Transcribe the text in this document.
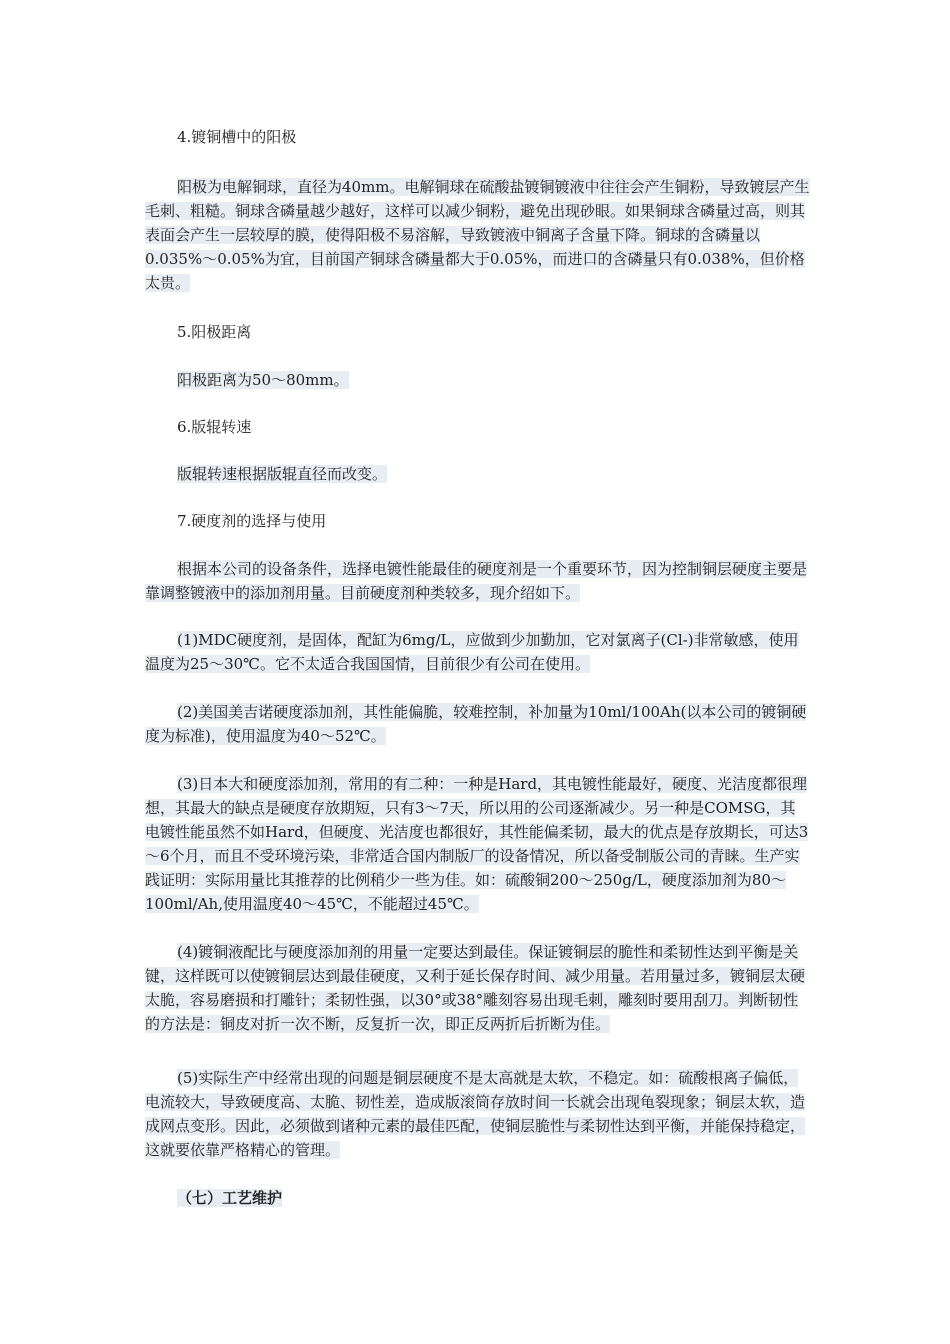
4.镀铜槽中的阳极

阳极为电解铜球，直径为40mm。电解铜球在硫酸盐镀铜镀液中往往会产生铜粉，导致镀层产生毛刺、粗糙。铜球含磷量越少越好，这样可以减少铜粉，避免出现砂眼。如果铜球含磷量过高，则其表面会产生一层较厚的膜，使得阳极不易溶解，导致镀液中铜离子含量下降。铜球的含磷量以0.035%～0.05%为宜，目前国产铜球含磷量都大于0.05%，而进口的含磷量只有0.038%，但价格太贵。

5.阳极距离

阳极距离为50～80mm。

6.版辊转速

版辊转速根据版辊直径而改变。

7.硬度剂的选择与使用

根据本公司的设备条件，选择电镀性能最佳的硬度剂是一个重要环节，因为控制铜层硬度主要是靠调整镀液中的添加剂用量。目前硬度剂种类较多，现介绍如下。

(1)MDC硬度剂，是固体，配缸为6mg/L，应做到少加勤加，它对氯离子(Cl-)非常敏感，使用温度为25～30℃。它不太适合我国国情，目前很少有公司在使用。

(2)美国美吉诺硬度添加剂，其性能偏脆，较难控制，补加量为10ml/100Ah(以本公司的镀铜硬度为标准)，使用温度为40～52℃。

(3)日本大和硬度添加剂，常用的有二种：一种是Hard，其电镀性能最好，硬度、光洁度都很理想，其最大的缺点是硬度存放期短，只有3～7天，所以用的公司逐渐减少。另一种是COMSG，其电镀性能虽然不如Hard，但硬度、光洁度也都很好，其性能偏柔韧，最大的优点是存放期长，可达3～6个月，而且不受环境污染，非常适合国内制版厂的设备情况，所以备受制版公司的青睐。生产实践证明：实际用量比其推荐的比例稍少一些为佳。如：硫酸铜200～250g/L，硬度添加剂为80～100ml/Ah,使用温度40～45℃，不能超过45℃。

(4)镀铜液配比与硬度添加剂的用量一定要达到最佳。保证镀铜层的脆性和柔韧性达到平衡是关键，这样既可以使镀铜层达到最佳硬度，又利于延长保存时间、减少用量。若用量过多，镀铜层太硬太脆，容易磨损和打雕针；柔韧性强，以30°或38°雕刻容易出现毛刺，雕刻时要用刮刀。判断韧性的方法是：铜皮对折一次不断，反复折一次，即正反两折后折断为佳。

(5)实际生产中经常出现的问题是铜层硬度不是太高就是太软，不稳定。如：硫酸根离子偏低，电流较大，导致硬度高、太脆、韧性差，造成版滚筒存放时间一长就会出现龟裂现象；铜层太软，造成网点变形。因此，必须做到诸种元素的最佳匹配，使铜层脆性与柔韧性达到平衡，并能保持稳定，这就要依靠严格精心的管理。

（七）工艺维护
